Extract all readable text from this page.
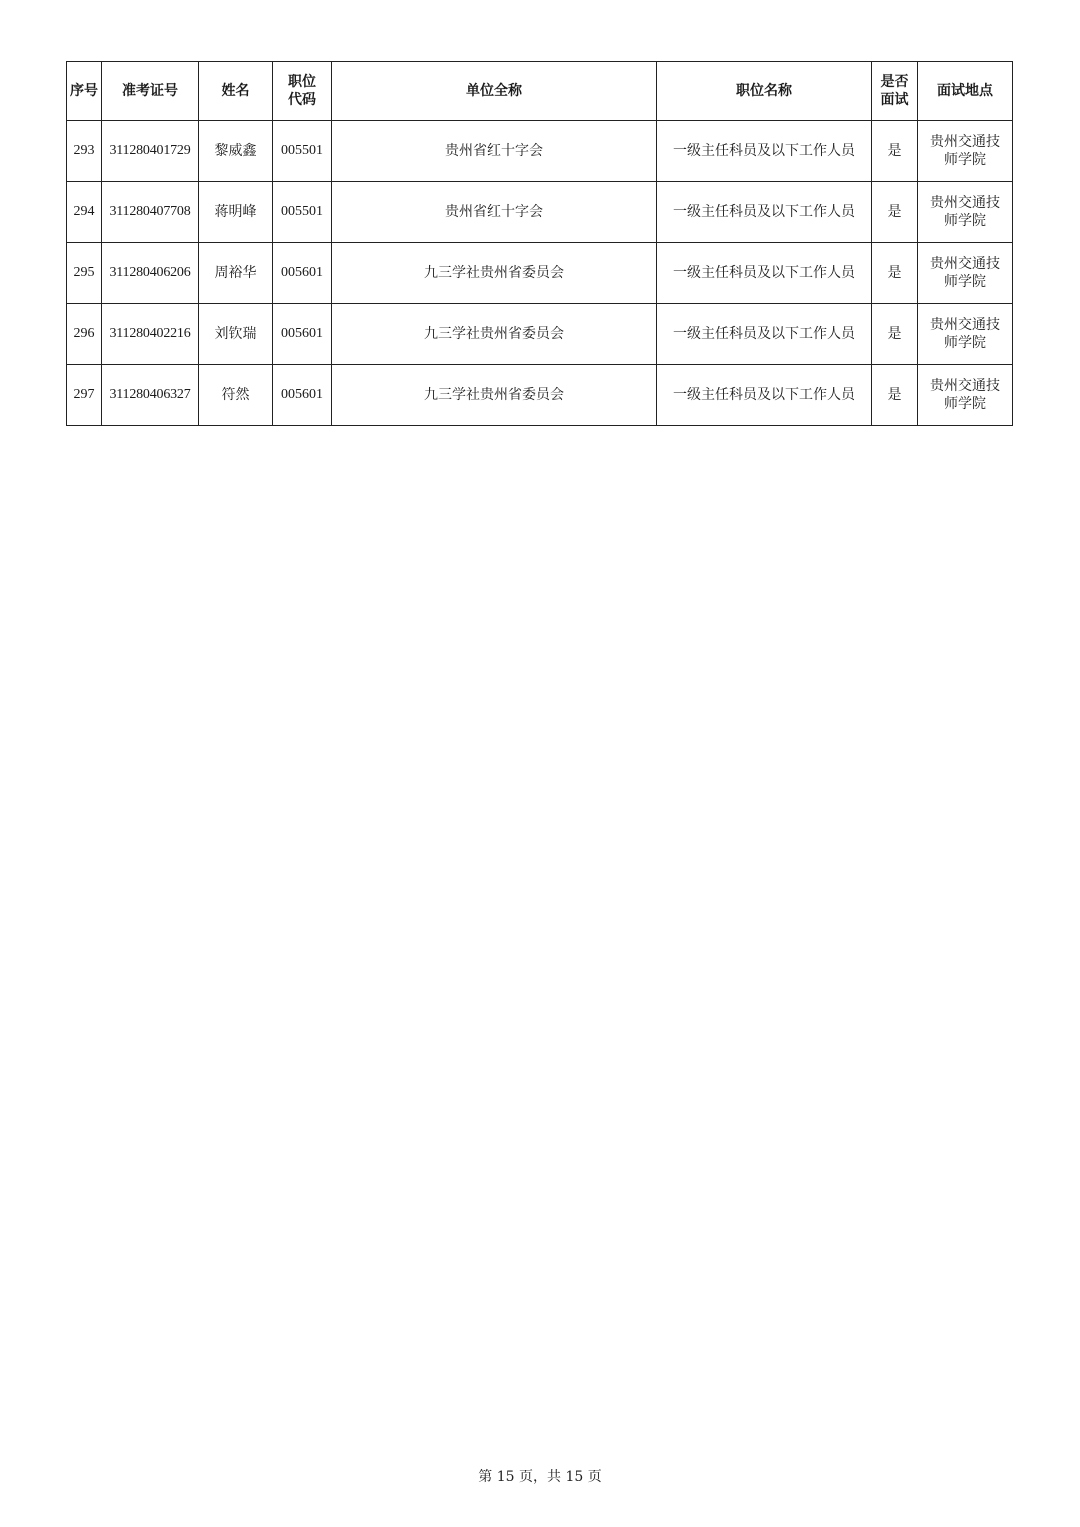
序号	准考证号	姓名	职位代码	单位全称	职位名称	是否面试	面试地点
293	311280401729	黎威鑫	005501	贵州省红十字会	一级主任科员及以下工作人员	是	贵州交通技师学院

294	311280407708	蒋明峰	005501	贵州省红十字会	一级主任科员及以下工作人员	是	贵州交通技师学院

295	311280406206	周裕华	005601	九三学社贵州省委员会	一级主任科员及以下工作人员	是	贵州交通技师学院

296	311280402216	刘钦瑞	005601	九三学社贵州省委员会	一级主任科员及以下工作人员	是	贵州交通技师学院

297	311280406327	符然	005601	九三学社贵州省委员会	一级主任科员及以下工作人员	是	贵州交通技师学院
第 15 页，共 15 页
